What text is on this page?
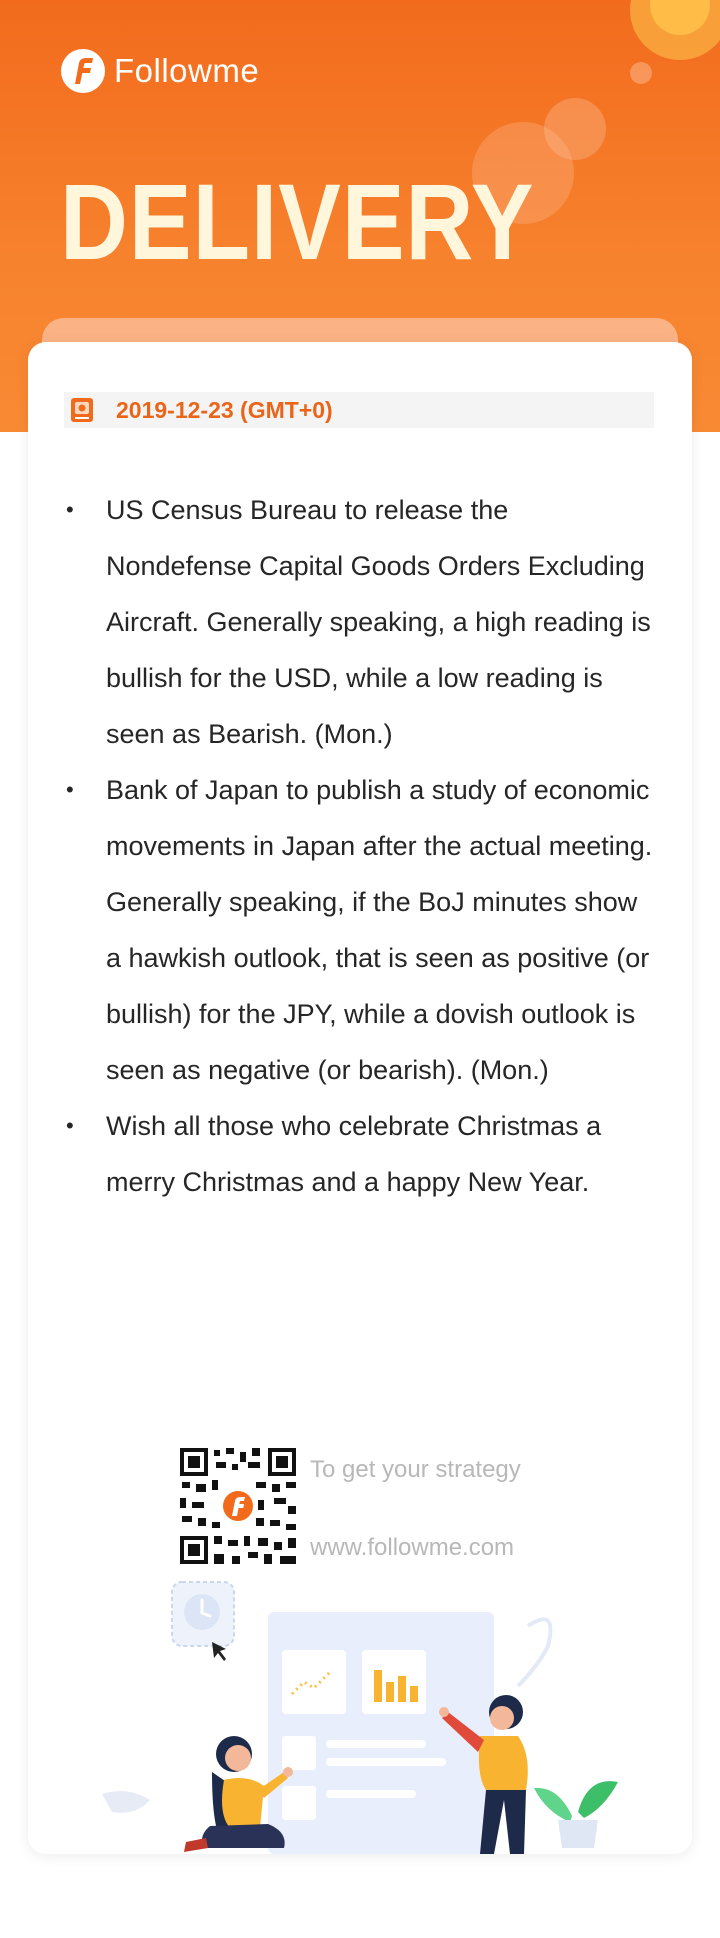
Followme
DELIVERY
2019-12-23 (GMT+0)
• US Census Bureau to release the Nondefense Capital Goods Orders Excluding Aircraft. Generally speaking, a high reading is bullish for the USD, while a low reading is seen as Bearish. (Mon.)
• Bank of Japan to publish a study of economic movements in Japan after the actual meeting. Generally speaking, if the BoJ minutes show a hawkish outlook, that is seen as positive (or bullish) for the JPY, while a dovish outlook is seen as negative (or bearish). (Mon.)
• Wish all those who celebrate Christmas a merry Christmas and a happy New Year.
To get your strategy
www.followme.com
